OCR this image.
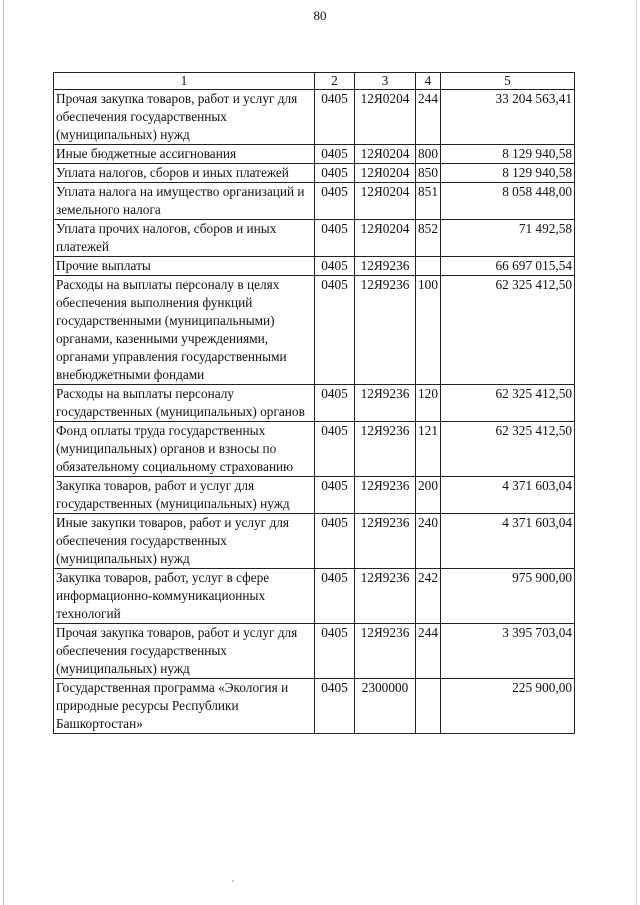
80
1	2	3	4	5
Прочая закупка товаров, работ и услуг для обеспечения государственных (муниципальных) нужд	0405	12Я0204	244	33 204 563,41
Иные бюджетные ассигнования	0405	12Я0204	800	8 129 940,58
Уплата налогов, сборов и иных платежей	0405	12Я0204	850	8 129 940,58
Уплата налога на имущество организаций и земельного налога	0405	12Я0204	851	8 058 448,00
Уплата прочих налогов, сборов и иных платежей	0405	12Я0204	852	71 492,58
Прочие выплаты	0405	12Я9236		66 697 015,54
Расходы на выплаты персоналу в целях обеспечения выполнения функций государственными (муниципальными) органами, казенными учреждениями, органами управления государственными внебюджетными фондами	0405	12Я9236	100	62 325 412,50
Расходы на выплаты персоналу государственных (муниципальных) органов	0405	12Я9236	120	62 325 412,50
Фонд оплаты труда государственных (муниципальных) органов и взносы по обязательному социальному страхованию	0405	12Я9236	121	62 325 412,50
Закупка товаров, работ и услуг для государственных (муниципальных) нужд	0405	12Я9236	200	4 371 603,04
Иные закупки товаров, работ и услуг для обеспечения государственных (муниципальных) нужд	0405	12Я9236	240	4 371 603,04
Закупка товаров, работ, услуг в сфере информационно-коммуникационных технологий	0405	12Я9236	242	975 900,00
Прочая закупка товаров, работ и услуг для обеспечения государственных (муниципальных) нужд	0405	12Я9236	244	3 395 703,04
Государственная программа «Экология и природные ресурсы Республики Башкортостан»	0405	2300000		225 900,00
